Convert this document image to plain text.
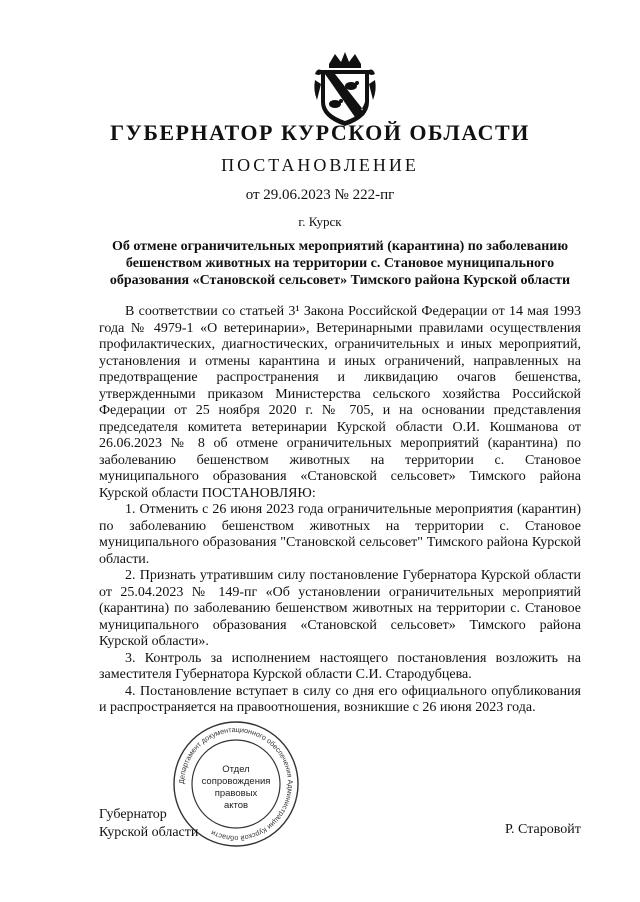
ГУБЕРНАТОР КУРСКОЙ ОБЛАСТИ
ПОСТАНОВЛЕНИЕ
от 29.06.2023 № 222-пг
г. Курск
Об отмене ограничительных мероприятий (карантина) по заболеванию
бешенством животных на территории с. Становое муниципального
образования «Становской сельсовет» Тимского района Курской области

В соответствии со статьей 3¹ Закона Российской Федерации от 14 мая 1993 года № 4979-1 «О ветеринарии», Ветеринарными правилами осуществления профилактических, диагностических, ограничительных и иных мероприятий, установления и отмены карантина и иных ограничений, направленных на предотвращение распространения и ликвидацию очагов бешенства, утвержденными приказом Министерства сельского хозяйства Российской Федерации от 25 ноября 2020 г. № 705, и на основании представления председателя комитета ветеринарии Курской области О.И. Кошманова от 26.06.2023 № 8 об отмене ограничительных мероприятий (карантина) по заболеванию бешенством животных на территории с. Становое муниципального образования «Становской сельсовет» Тимского района Курской области ПОСТАНОВЛЯЮ:

1. Отменить с 26 июня 2023 года ограничительные мероприятия (карантин) по заболеванию бешенством животных на территории с. Становое муниципального образования "Становской сельсовет" Тимского района Курской области.

2. Признать утратившим силу постановление Губернатора Курской области от 25.04.2023 № 149-пг «Об установлении ограничительных мероприятий (карантина) по заболеванию бешенством животных на территории с. Становое муниципального образования «Становской сельсовет» Тимского района Курской области».

3. Контроль за исполнением настоящего постановления возложить на заместителя Губернатора Курской области С.И. Стародубцева.

4. Постановление вступает в силу со дня его официального опубликования и распространяется на правоотношения, возникшие с 26 июня 2023 года.

Департамент документационного обеспечения Администрации Курской области
Отдел
сопровождения
правовых
актов
Губернатор
Курской области	Р. Старовойт
